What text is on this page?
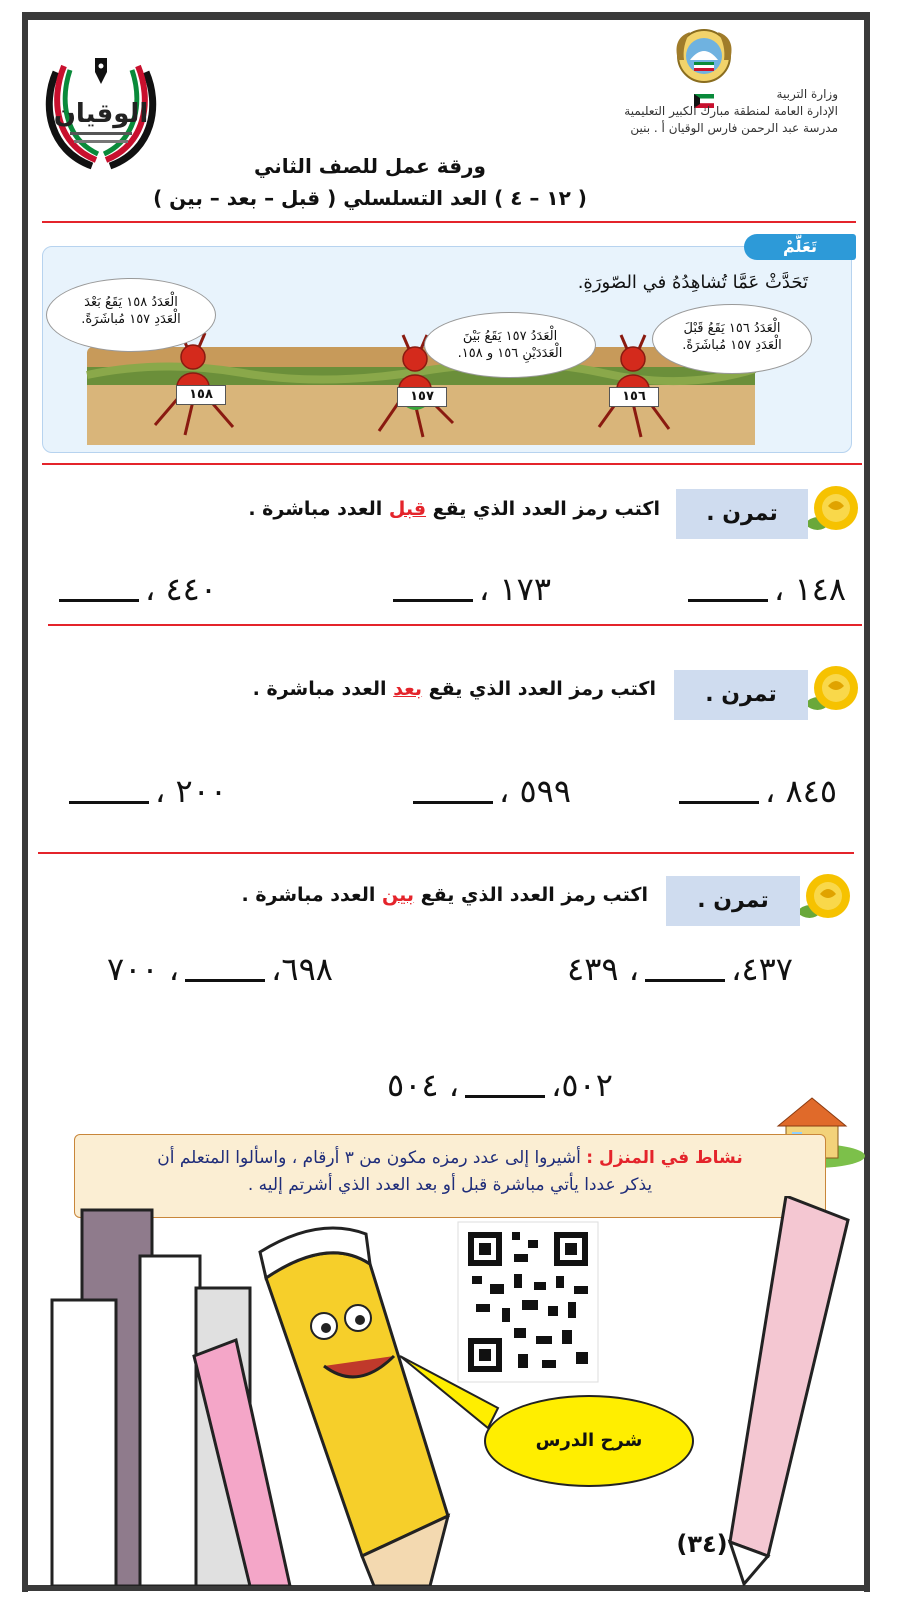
الوقيان
وزارة التربية
الإدارة العامة لمنطقة مبارك الكبير التعليمية
مدرسة عبد الرحمن فارس الوقيان أ . بنين
ورقة عمل للصف الثاني
( ١٢ – ٤ ) العد التسلسلي ( قبل – بعد – بين )
١٥٨	١٥٧	١٥٦
تَعَلَّمْ
تَحَدَّثْ عَمَّا تُشاهِدُهُ في الصّورَةِ.
الْعَدَدُ ١٥٨ يَقَعُ بَعْدَ
الْعَدَدِ ١٥٧ مُباشَرَةً.
الْعَدَدُ ١٥٧ يَقَعُ بَيْنَ
الْعَدَدَيْنِ ١٥٦ و ١٥٨.
الْعَدَدُ ١٥٦ يَقَعُ قَبْلَ
الْعَدَدِ ١٥٧ مُباشَرَةً.
تمرن .
اكتب رمز العدد الذي يقع قبل العدد مباشرة .
١٤٨ ،
١٧٣ ،
٤٤٠ ،
تمرن .
اكتب رمز العدد الذي يقع بعد العدد مباشرة .
٨٤٥ ،
٥٩٩ ،
٢٠٠ ،
تمرن .
اكتب رمز العدد الذي يقع بين العدد مباشرة .
٤٣٧،، ٤٣٩
٦٩٨،، ٧٠٠
٥٠٢،، ٥٠٤
نشاط في المنزل : أشيروا إلى عدد رمزه مكون من ٣ أرقام ، واسألوا المتعلم أن
يذكر عددا يأتي مباشرة قبل أو بعد العدد الذي أشرتم إليه .
شرح الدرس
(٣٤)
